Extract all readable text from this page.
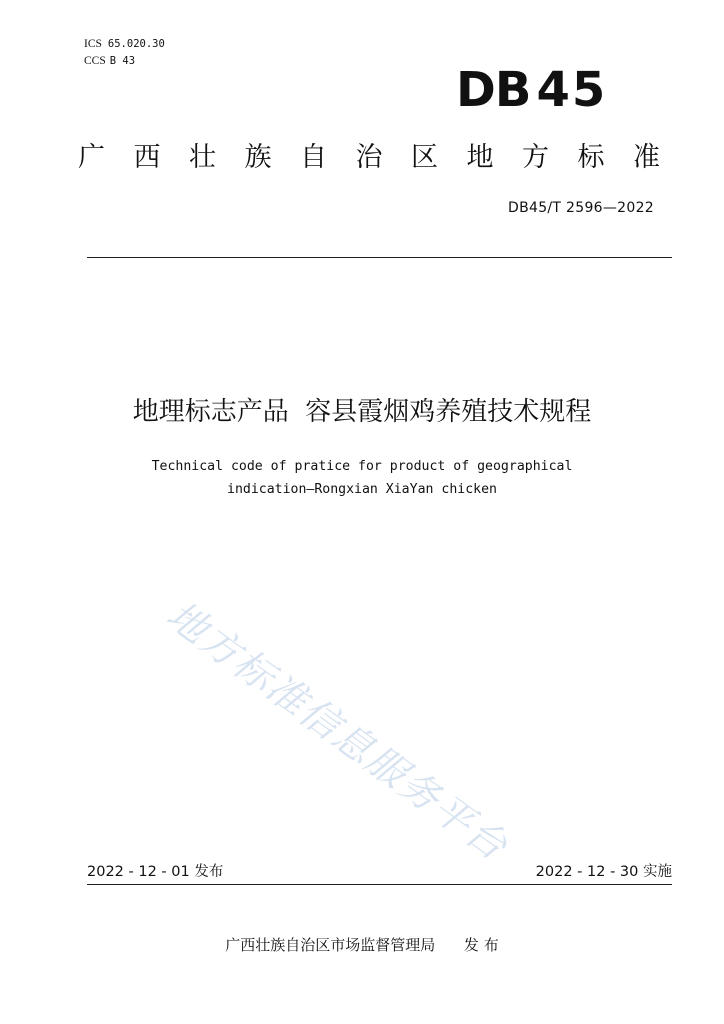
ICS 65.020.30
CCS B 43
DB 45
广西壮族自治区地方标准
DB45/T 2596—2022
地理标志产品  容县霞烟鸡养殖技术规程
Technical code of pratice for product of geographical
indication—Rongxian XiaYan chicken
地方标准信息服务平台
2022 - 12 - 01 发布	2022 - 12 - 30 实施
广西壮族自治区市场监督管理局 发 布
